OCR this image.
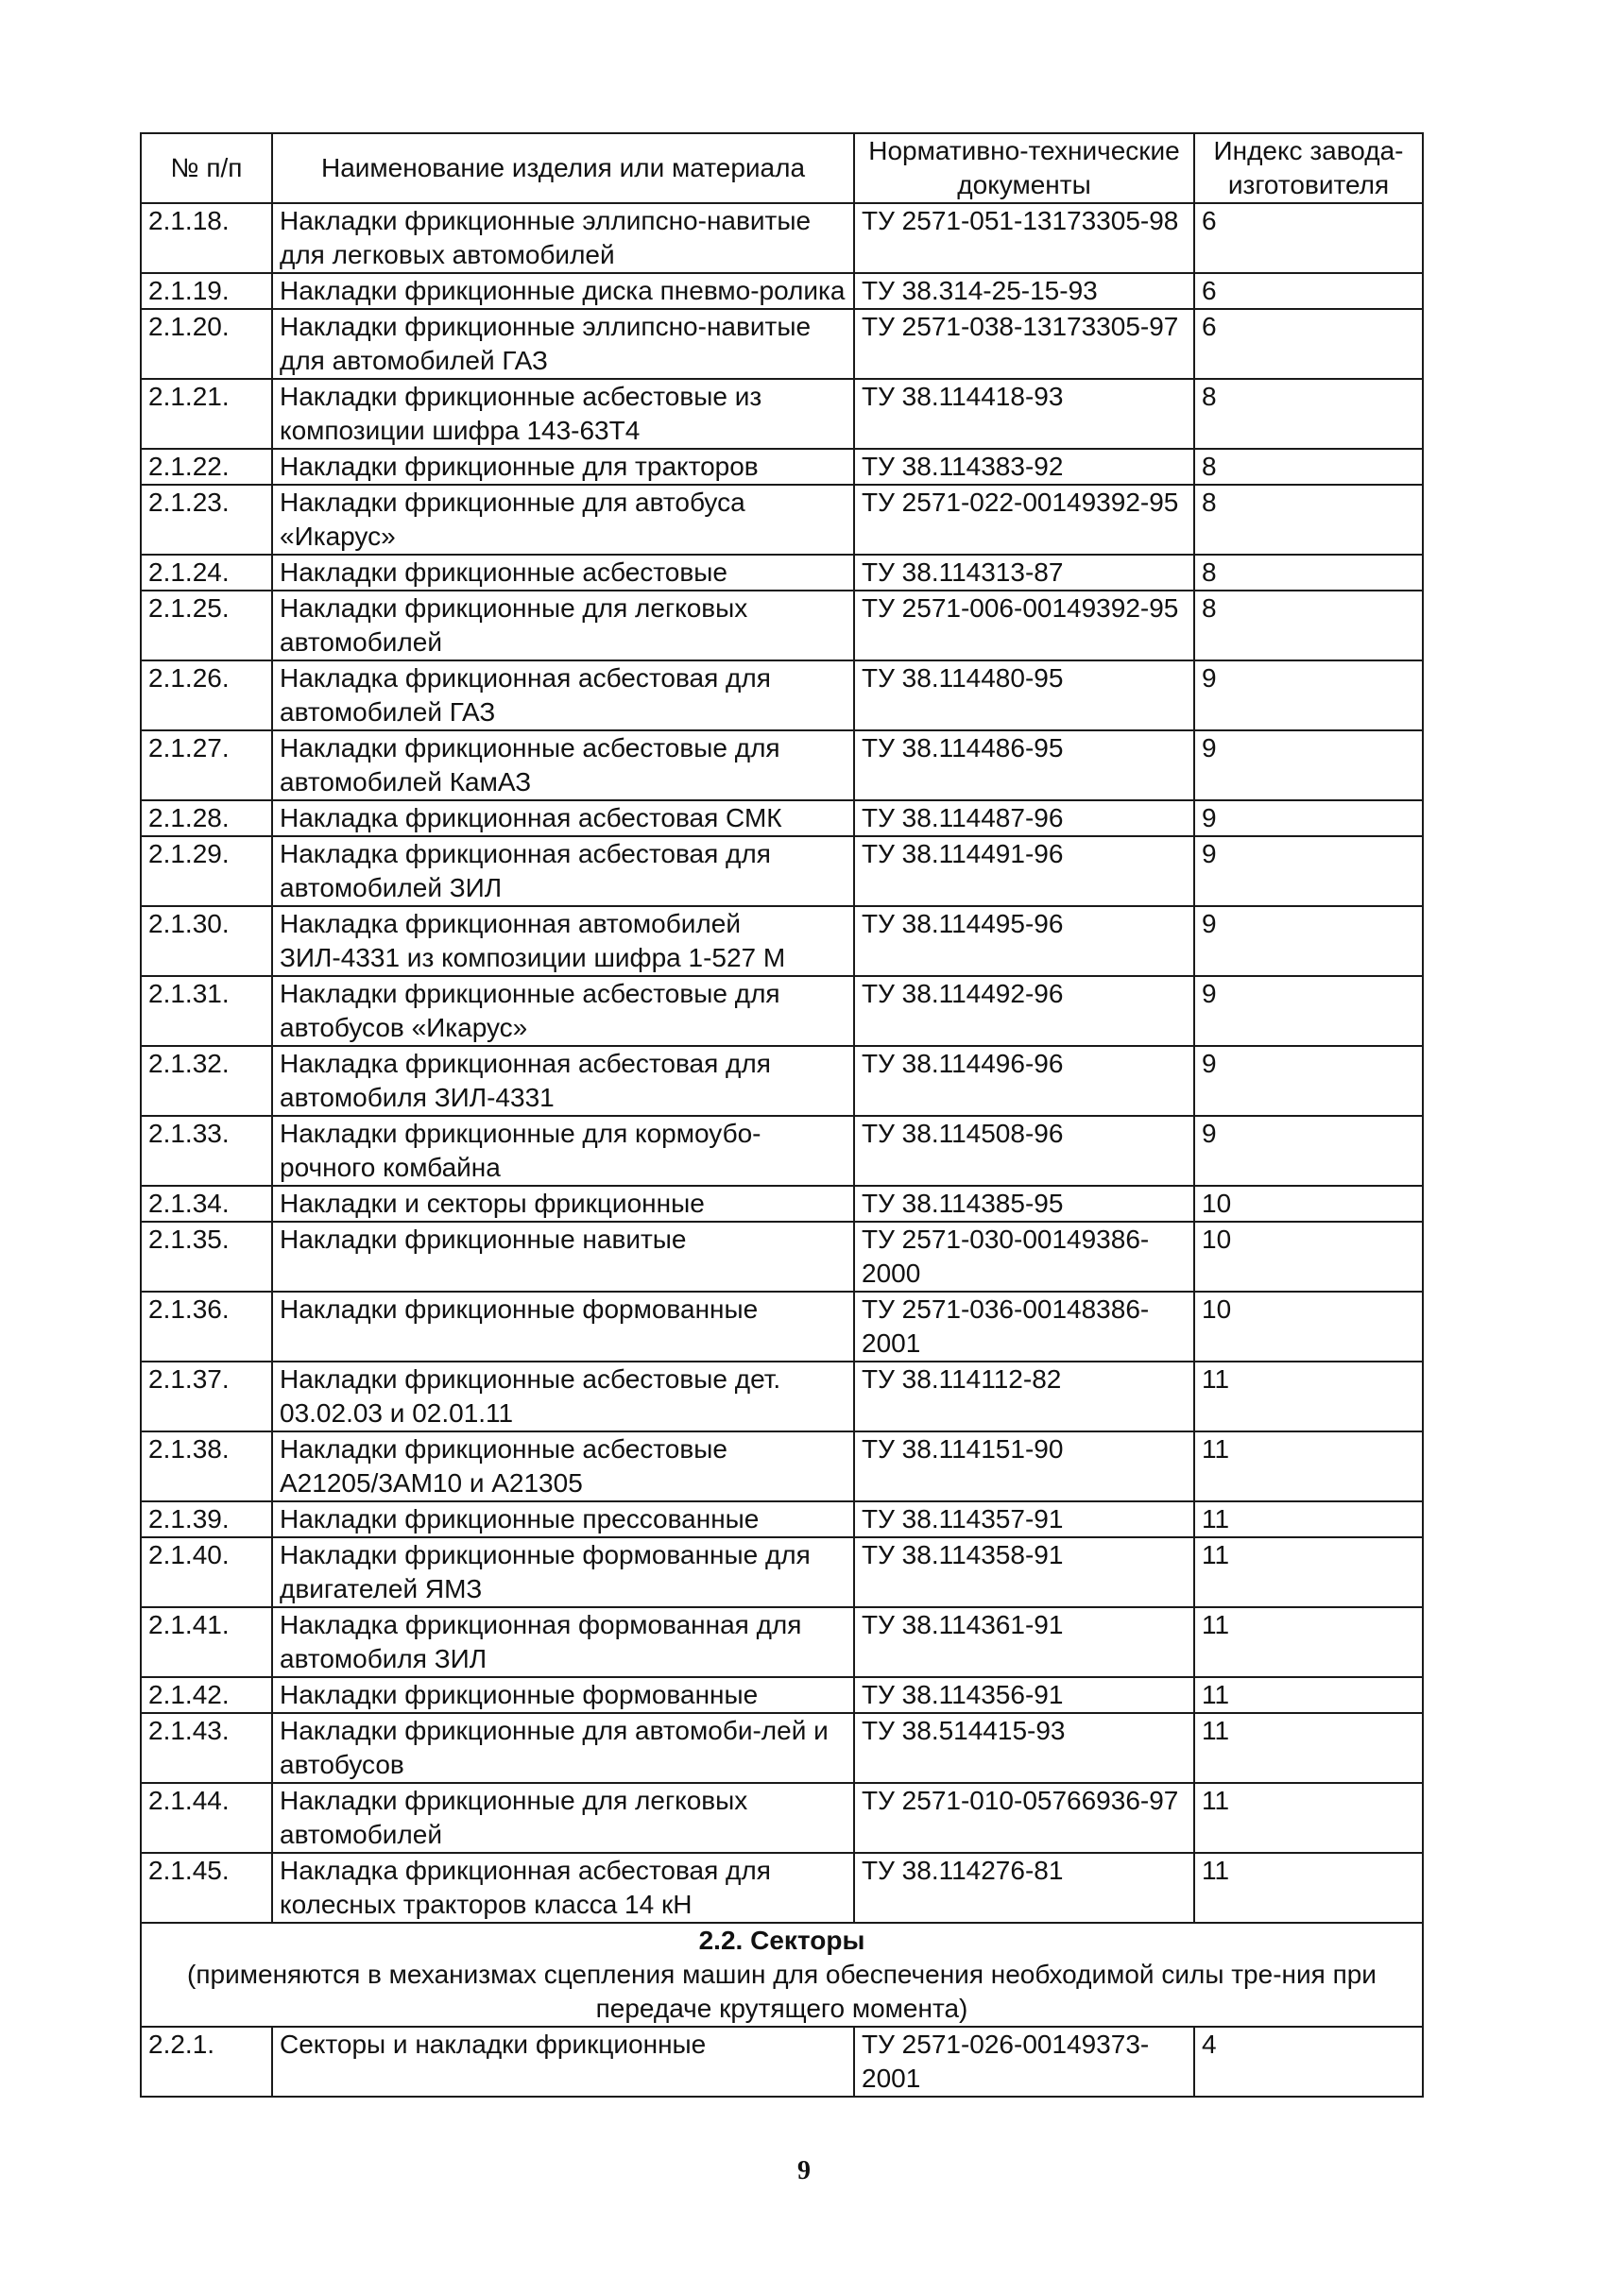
№ п/п	Наименование изделия или материала	Нормативно-технические документы	Индекс завода-изготовителя
2.1.18.	Накладки фрикционные эллипсно-навитые для легковых автомобилей	ТУ 2571-051-13173305-98	6
2.1.19.	Накладки фрикционные диска пневмо-ролика	ТУ 38.314-25-15-93	6
2.1.20.	Накладки фрикционные эллипсно-навитые для автомобилей ГАЗ	ТУ 2571-038-13173305-97	6
2.1.21.	Накладки фрикционные асбестовые из композиции шифра 143-63Т4	ТУ 38.114418-93	8
2.1.22.	Накладки фрикционные для тракторов	ТУ 38.114383-92	8
2.1.23.	Накладки фрикционные для автобуса «Икарус»	ТУ 2571-022-00149392-95	8
2.1.24.	Накладки фрикционные асбестовые	ТУ 38.114313-87	8
2.1.25.	Накладки фрикционные для легковых автомобилей	ТУ 2571-006-00149392-95	8
2.1.26.	Накладка фрикционная асбестовая для автомобилей ГАЗ	ТУ 38.114480-95	9
2.1.27.	Накладки фрикционные асбестовые для автомобилей КамАЗ	ТУ 38.114486-95	9
2.1.28.	Накладка фрикционная асбестовая СМК	ТУ 38.114487-96	9
2.1.29.	Накладка фрикционная асбестовая для автомобилей ЗИЛ	ТУ 38.114491-96	9
2.1.30.	Накладка фрикционная автомобилей ЗИЛ-4331 из композиции шифра 1-527 М	ТУ 38.114495-96	9
2.1.31.	Накладки фрикционные асбестовые для автобусов «Икарус»	ТУ 38.114492-96	9
2.1.32.	Накладка фрикционная асбестовая для автомобиля ЗИЛ-4331	ТУ 38.114496-96	9
2.1.33.	Накладки фрикционные для кормоубо-рочного комбайна	ТУ 38.114508-96	9
2.1.34.	Накладки и секторы фрикционные	ТУ 38.114385-95	10
2.1.35.	Накладки фрикционные навитые	ТУ 2571-030-00149386-2000	10
2.1.36.	Накладки фрикционные формованные	ТУ 2571-036-00148386-2001	10
2.1.37.	Накладки фрикционные асбестовые дет. 03.02.03 и 02.01.11	ТУ 38.114112-82	11
2.1.38.	Накладки фрикционные асбестовые А21205/3АМ10 и А21305	ТУ 38.114151-90	11
2.1.39.	Накладки фрикционные прессованные	ТУ 38.114357-91	11
2.1.40.	Накладки фрикционные формованные для двигателей ЯМЗ	ТУ 38.114358-91	11
2.1.41.	Накладка фрикционная формованная для автомобиля ЗИЛ	ТУ 38.114361-91	11
2.1.42.	Накладки фрикционные формованные	ТУ 38.114356-91	11
2.1.43.	Накладки фрикционные для автомоби-лей и автобусов	ТУ 38.514415-93	11
2.1.44.	Накладки фрикционные для легковых автомобилей	ТУ 2571-010-05766936-97	11
2.1.45.	Накладка фрикционная асбестовая для колесных тракторов класса 14 кН	ТУ 38.114276-81	11

2.2. Секторы
(применяются в механизмах сцепления машин для обеспечения необходимой силы тре-ния при передаче крутящего момента)			

2.2.1.	Секторы и накладки фрикционные	ТУ 2571-026-00149373-2001	4
9
